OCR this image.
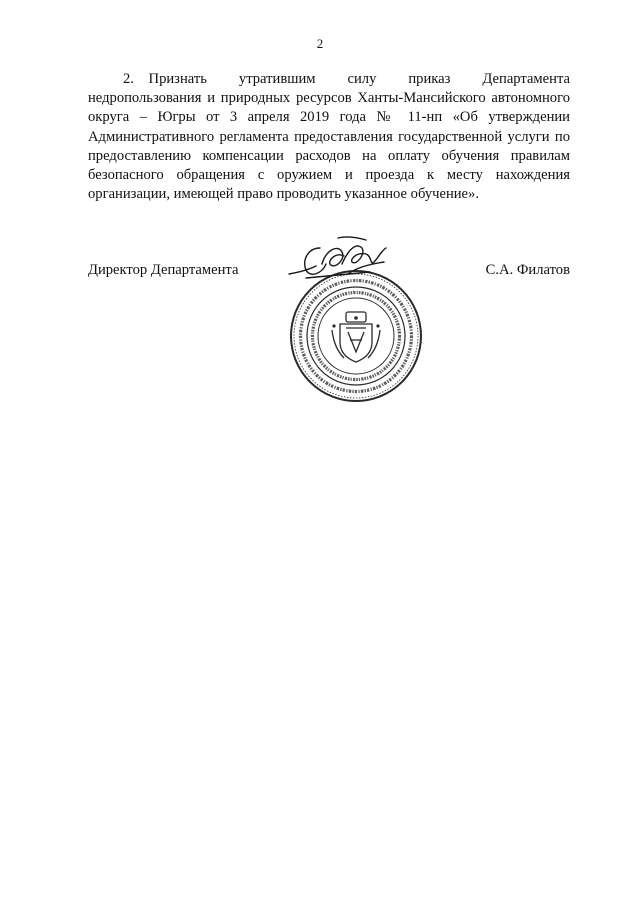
2

2. Признать утратившим силу приказ Департамента недропользования и природных ресурсов Ханты-Мансийского автономного округа – Югры от 3 апреля 2019 года № 11-нп «Об утверждении Административного регламента предоставления государственной услуги по предоставлению компенсации расходов на оплату обучения правилам безопасного обращения с оружием и проезда к месту нахождения организации, имеющей право проводить указанное обучение».

Директор Департамента	С.А. Филатов
